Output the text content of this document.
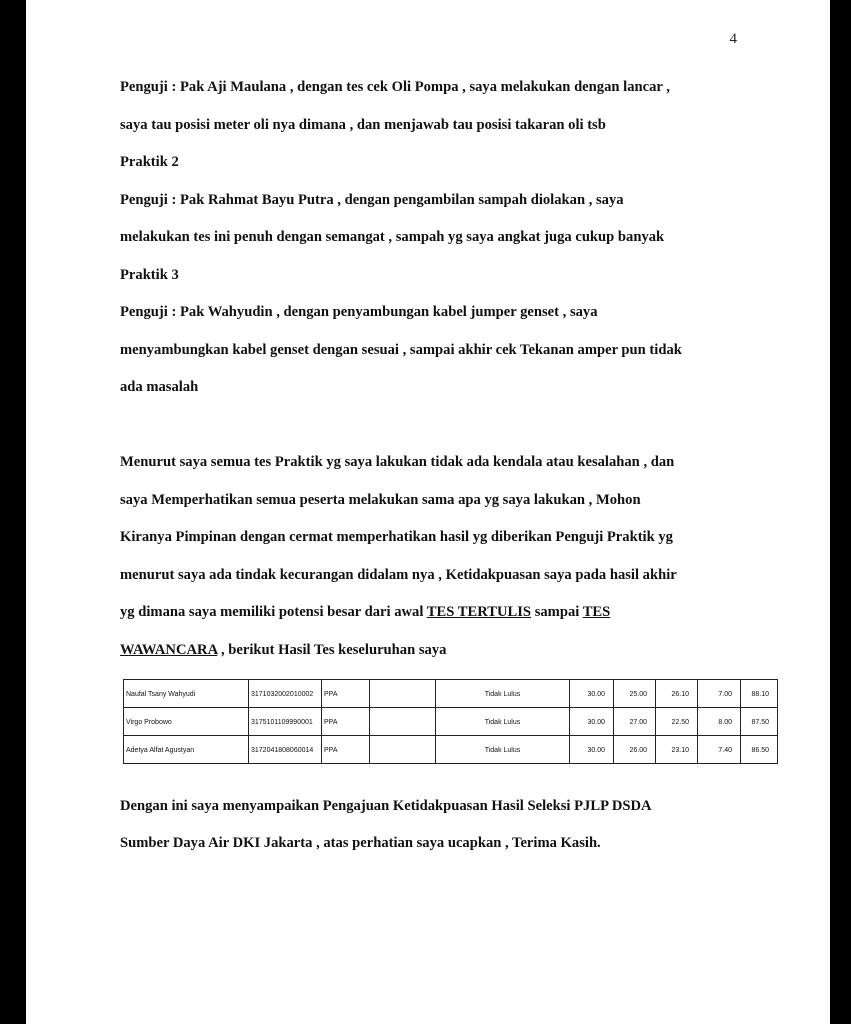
4
Penguji : Pak Aji Maulana , dengan tes cek Oli Pompa , saya melakukan dengan lancar ,
saya tau posisi meter oli nya dimana , dan menjawab tau posisi takaran oli tsb
Praktik 2
Penguji : Pak Rahmat Bayu Putra , dengan pengambilan sampah diolakan , saya
melakukan tes ini penuh dengan semangat , sampah yg saya angkat juga cukup banyak
Praktik 3
Penguji : Pak Wahyudin , dengan penyambungan kabel jumper genset , saya
menyambungkan kabel genset dengan sesuai , sampai akhir cek Tekanan amper pun tidak
ada masalah
Menurut saya semua tes Praktik yg saya lakukan tidak ada kendala atau kesalahan , dan
saya Memperhatikan semua peserta melakukan sama apa yg saya lakukan , Mohon
Kiranya Pimpinan dengan cermat memperhatikan hasil yg diberikan Penguji Praktik yg
menurut saya ada tindak kecurangan didalam nya , Ketidakpuasan saya pada hasil akhir
yg dimana saya memiliki potensi besar dari awal TES TERTULIS sampai TES
WAWANCARA , berikut Hasil Tes keseluruhan saya
Naufal Tsany Wahyudi	3171032002010002	PPA		Tidak Lulus	30.00	25.00	26.10	7.00	88.10
Virgo Probowo	3175101109990001	PPA		Tidak Lulus	30.00	27.00	22.50	8.00	87.50
Adetya Alfat Agustyan	3172041808060014	PPA		Tidak Lulus	30.00	26.00	23.10	7.40	86.50
Dengan ini saya menyampaikan Pengajuan Ketidakpuasan Hasil Seleksi PJLP DSDA
Sumber Daya Air DKI Jakarta , atas perhatian saya ucapkan , Terima Kasih.
